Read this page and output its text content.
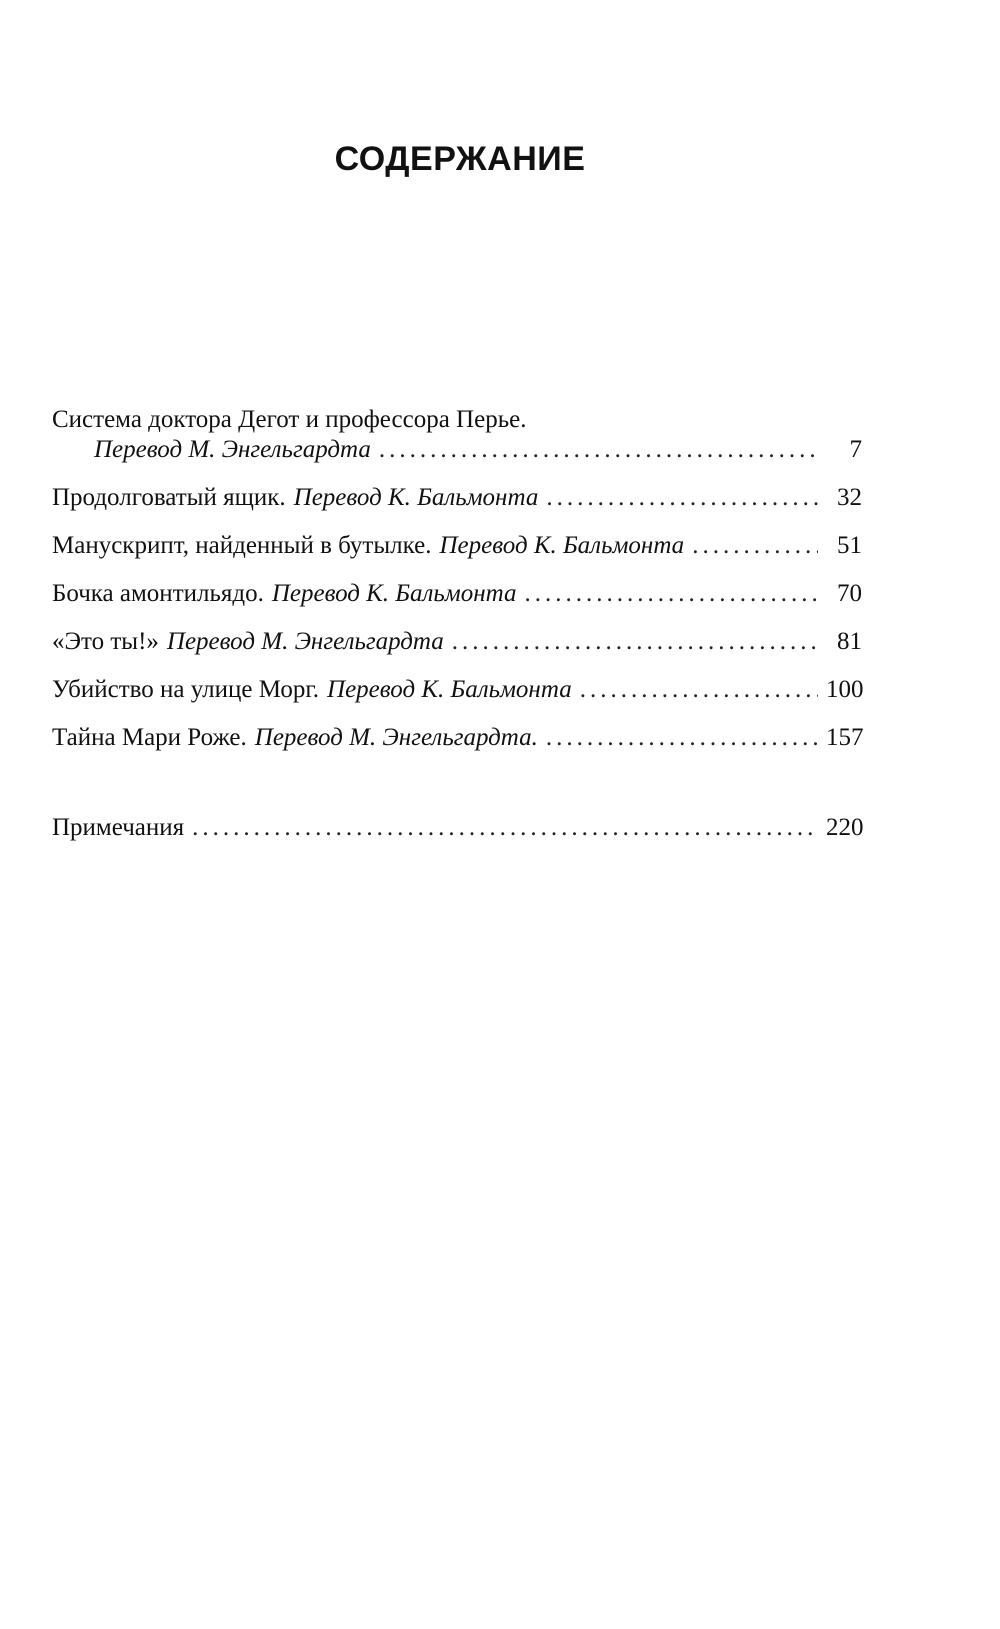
СОДЕРЖАНИЕ
Система доктора Дегот и профессора Перье.
Перевод М. Энгельгардта .....	7
Продолговатый ящик. Перевод К. Бальмонта .....	32
Манускрипт, найденный в бутылке. Перевод К. Бальмонта .....	51
Бочка амонтильядо. Перевод К. Бальмонта .....	70
«Это ты!» Перевод М. Энгельгардта .....	81
Убийство на улице Морг. Перевод К. Бальмонта .....	100
Тайна Мари Роже. Перевод М. Энгельгардта. .....	157
Примечания .....	220
